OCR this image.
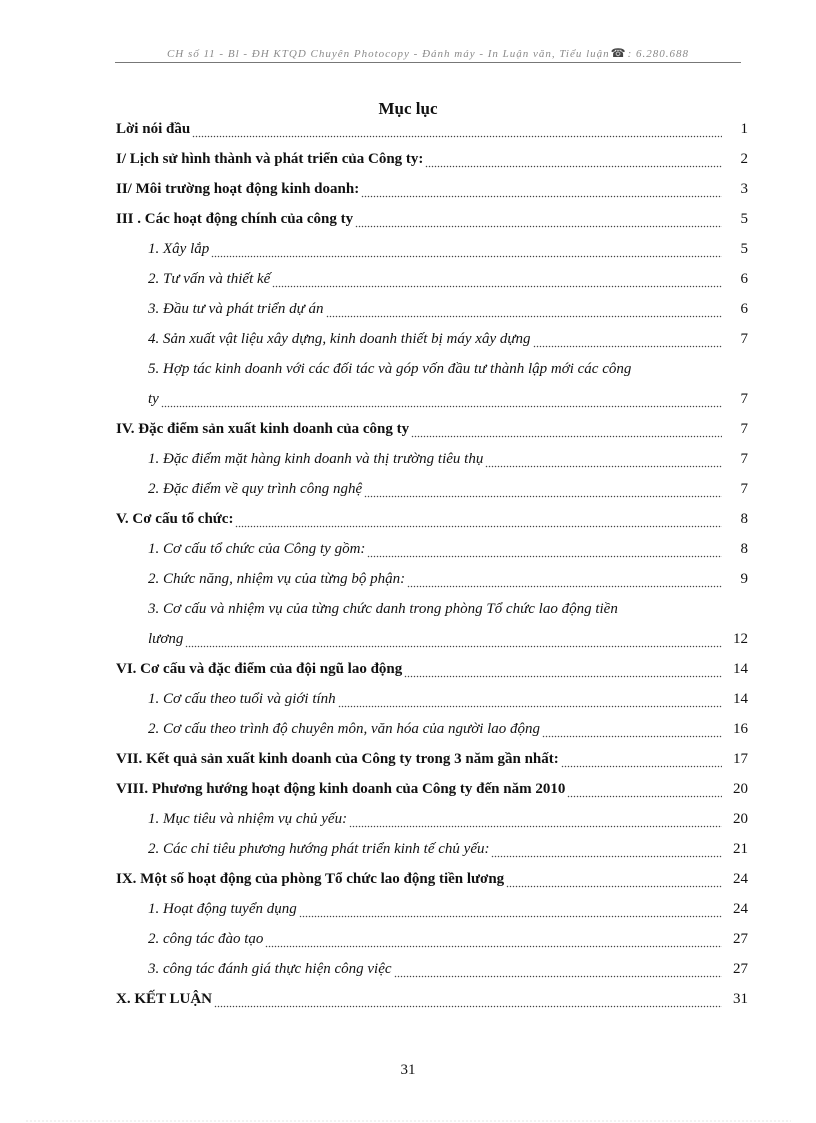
CH số 11 - Bl - ĐH KTQD Chuyên Photocopy - Đánh máy - In Luận văn, Tiểu luận☎: 6.280.688
Mục lục
Lời nói đầu	1
I/ Lịch sử hình thành và phát triển của Công ty:	2
II/ Môi trường hoạt động kinh doanh:	3
III . Các hoạt động chính của công ty	5
1. Xây lắp	5
2. Tư vấn và thiết kế	6
3. Đầu tư và phát triển dự án	6
4. Sản xuất vật liệu xây dựng, kinh doanh thiết bị máy xây dựng	7
5. Hợp tác kinh doanh với các đối tác và góp vốn đầu tư thành lập mới các công
ty	7
IV. Đặc điểm sản xuất kinh doanh của công ty	7
1. Đặc điểm mặt hàng kinh doanh và thị trường tiêu thụ	7
2. Đặc điểm về quy trình công nghệ	7
V. Cơ cấu tổ chức:	8
1. Cơ cấu tổ chức của Công ty gồm:	8
2. Chức năng, nhiệm vụ của từng bộ phận:	9
3. Cơ cấu và nhiệm vụ của từng chức danh trong phòng Tổ chức lao động tiền
lương	12
VI. Cơ cấu và đặc điểm của đội ngũ lao động	14
1. Cơ cấu theo tuổi và giới tính	14
2. Cơ cấu theo trình độ chuyên môn, văn hóa của người lao động	16
VII. Kết quả sản xuất kinh doanh của Công ty trong 3 năm gần nhất:	17
VIII. Phương hướng hoạt động kinh doanh của Công ty đến năm 2010	20
1. Mục tiêu và nhiệm vụ chủ yếu:	20
2. Các chỉ tiêu phương hướng phát triển kinh tế chủ yếu:	21
IX. Một số hoạt động của phòng Tổ chức lao động tiền lương	24
1. Hoạt động tuyển dụng	24
2. công tác đào tạo	27
3. công tác đánh giá thực hiện công việc	27
X. KẾT LUẬN	31
31
